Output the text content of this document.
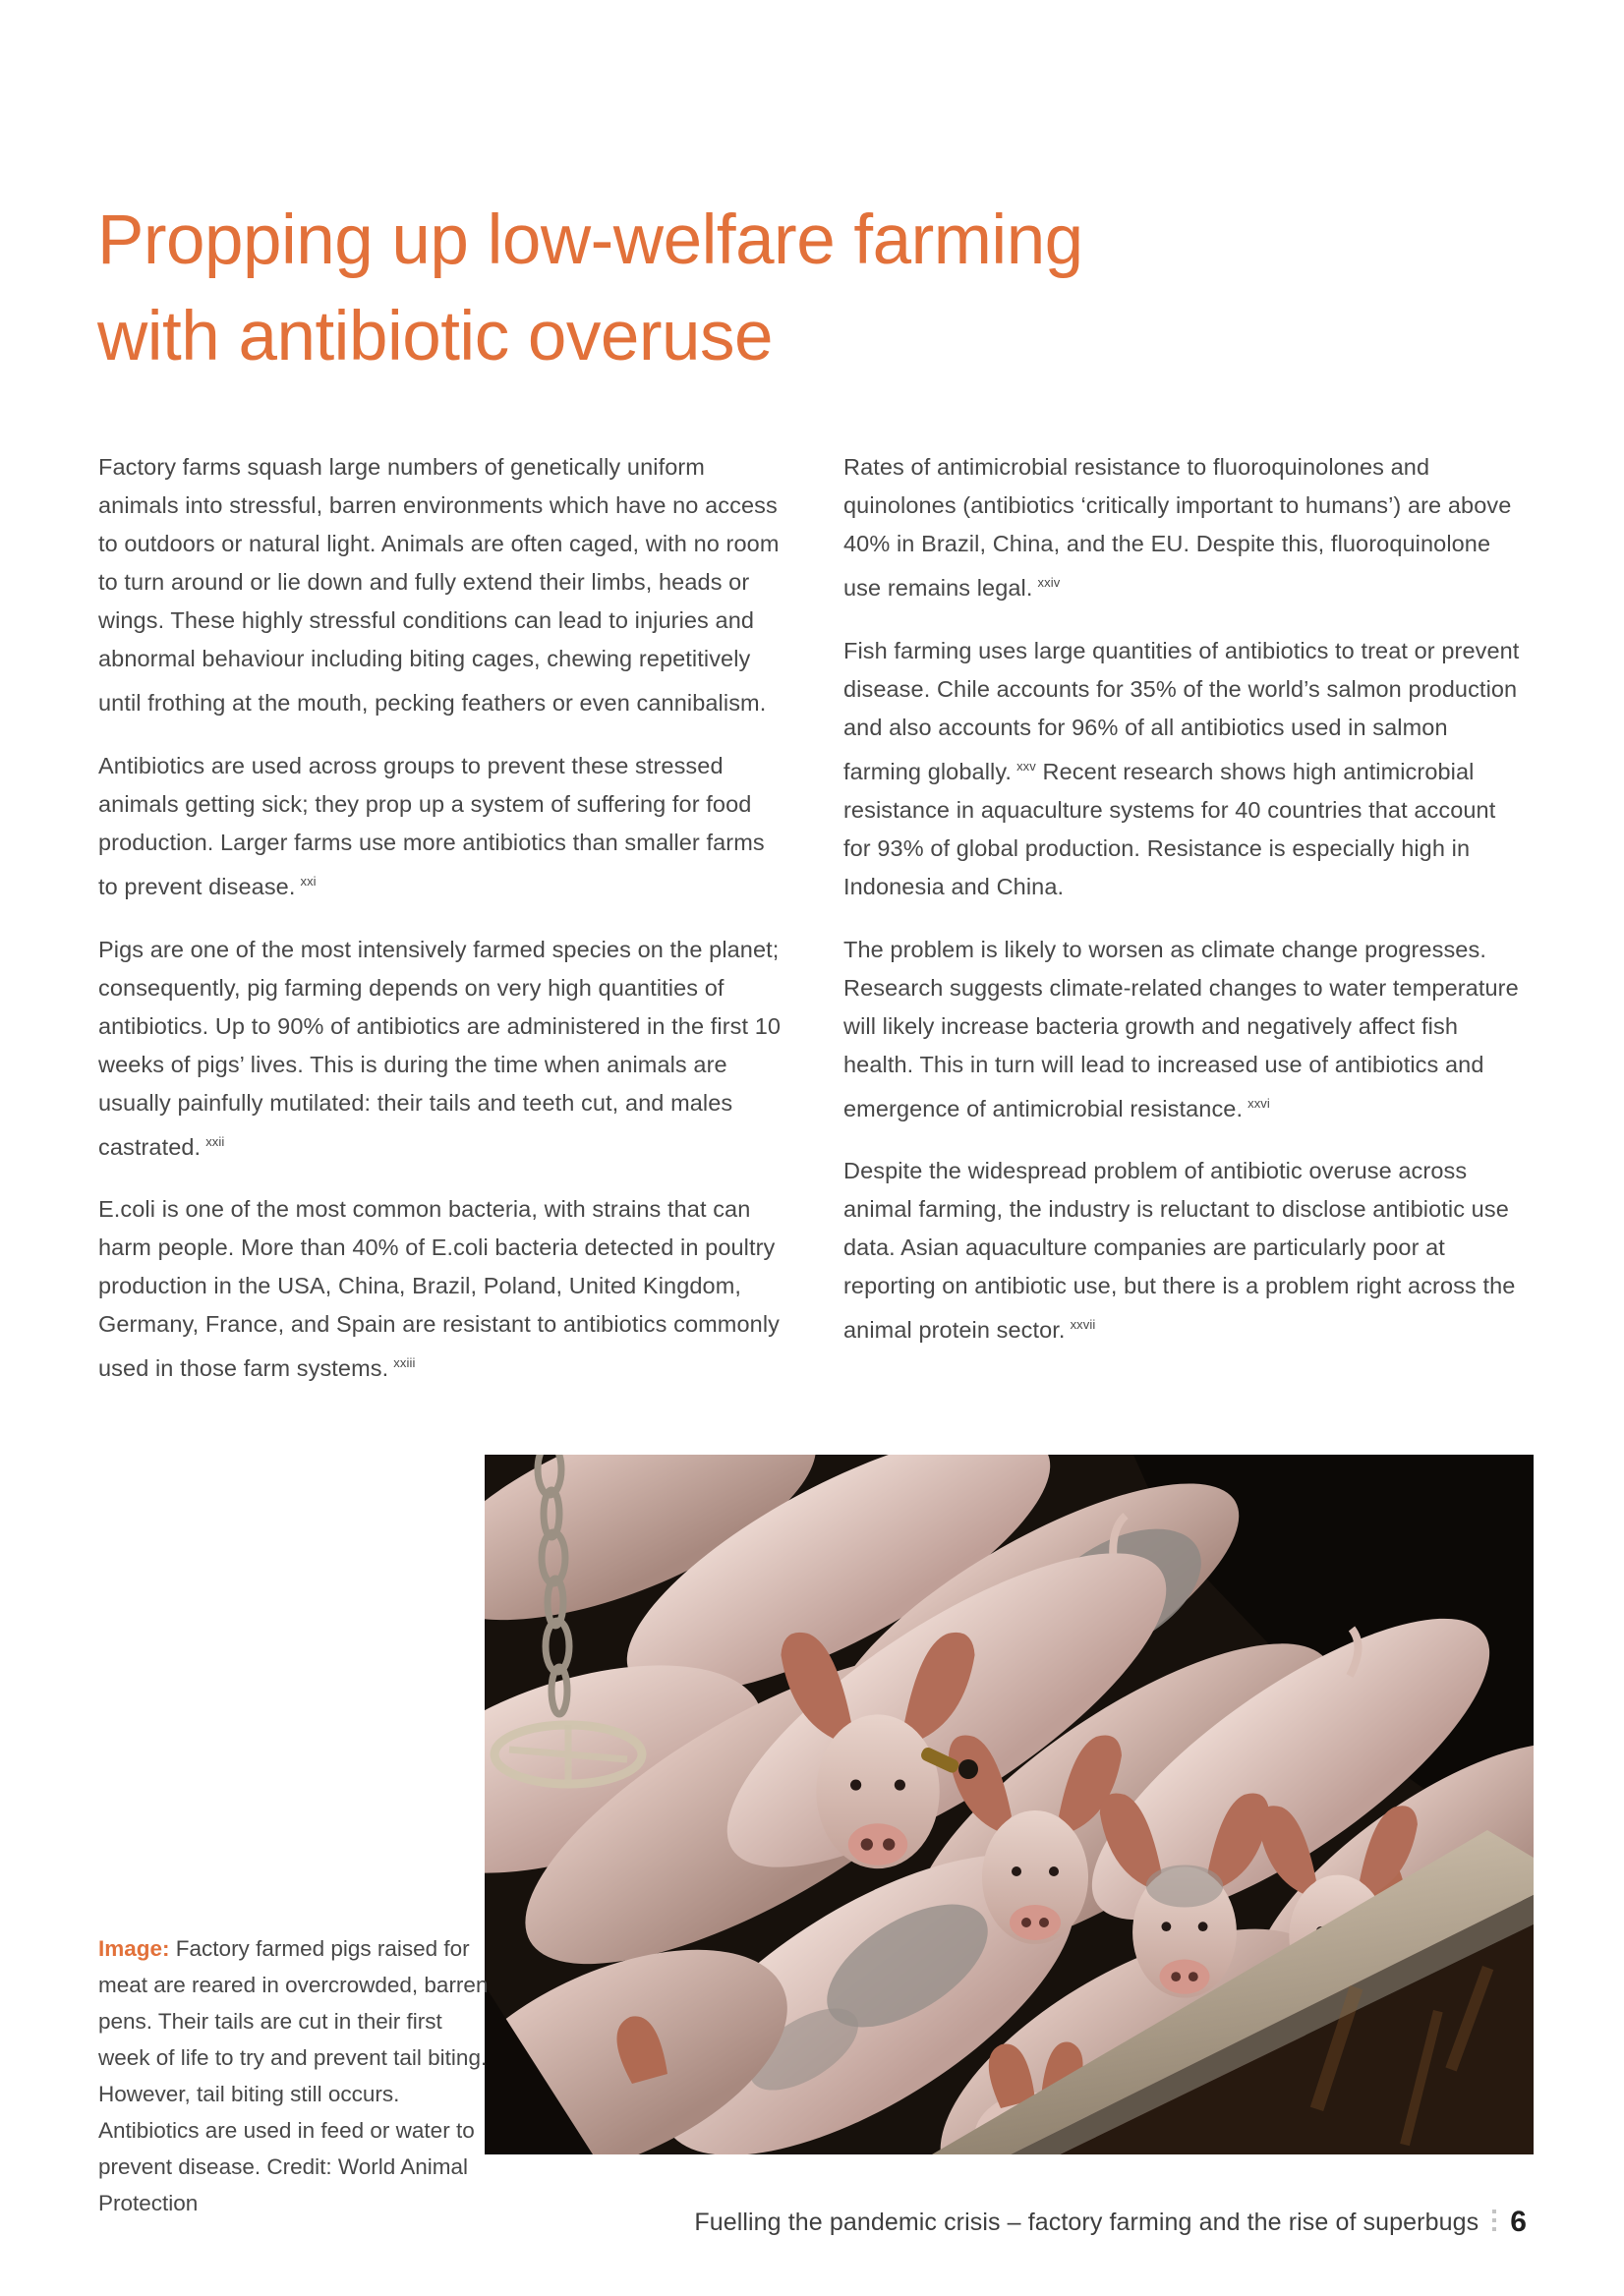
Propping up low-welfare farming
with antibiotic overuse

Factory farms squash large numbers of genetically uniform animals into stressful, barren environments which have no access to outdoors or natural light. Animals are often caged, with no room to turn around or lie down and fully extend their limbs, heads or wings. These highly stressful conditions can lead to injuries and abnormal behaviour including biting cages, chewing repetitively until frothing at the mouth, pecking feathers or even cannibalism.

Antibiotics are used across groups to prevent these stressed animals getting sick; they prop up a system of suffering for food production. Larger farms use more antibiotics than smaller farms to prevent disease. $^{xxi}$

Pigs are one of the most intensively farmed species on the planet; consequently, pig farming depends on very high quantities of antibiotics. Up to 90% of antibiotics are administered in the first 10 weeks of pigs’ lives. This is during the time when animals are usually painfully mutilated: their tails and teeth cut, and males castrated. $^{xxii}$

E.coli is one of the most common bacteria, with strains that can harm people. More than 40% of E.coli bacteria detected in poultry production in the USA, China, Brazil, Poland, United Kingdom, Germany, France, and Spain are resistant to antibiotics commonly used in those farm systems. $^{xxiii}$

Rates of antimicrobial resistance to fluoroquinolones and quinolones (antibiotics ‘critically important to humans’) are above 40% in Brazil, China, and the EU. Despite this, fluoroquinolone use remains legal. $^{xxiv}$

Fish farming uses large quantities of antibiotics to treat or prevent disease. Chile accounts for 35% of the world’s salmon production and also accounts for 96% of all antibiotics used in salmon farming globally. $^{xxv}$ Recent research shows high antimicrobial resistance in aquaculture systems for 40 countries that account for 93% of global production. Resistance is especially high in Indonesia and China.

The problem is likely to worsen as climate change progresses. Research suggests climate-related changes to water temperature will likely increase bacteria growth and negatively affect fish health. This in turn will lead to increased use of antibiotics and emergence of antimicrobial resistance. $^{xxvi}$

Despite the widespread problem of antibiotic overuse across animal farming, the industry is reluctant to disclose antibiotic use data. Asian aquaculture companies are particularly poor at reporting on antibiotic use, but there is a problem right across the animal protein sector. $^{xxvii}$

Image: Factory farmed pigs raised for meat are reared in overcrowded, barren pens. Their tails are cut in their first week of life to try and prevent tail biting. However, tail biting still occurs. Antibiotics are used in feed or water to prevent disease. Credit: World Animal Protection
Fuelling the pandemic crisis – factory farming and the rise of superbugs 6
